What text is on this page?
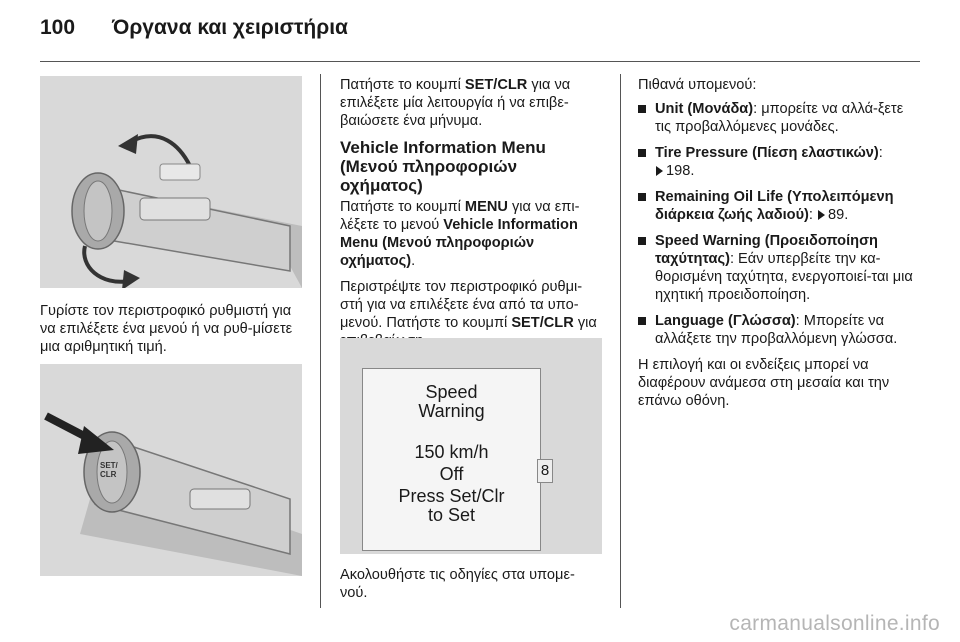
100 Όργανα και χειριστήρια

Γυρίστε τον περιστροφικό ρυθμιστή για να επιλέξετε ένα μενού ή να ρυθ-μίσετε μια αριθμητική τιμή.

SET/ CLR

Πατήστε το κουμπί SET/CLR για να επιλέξετε μία λειτουργία ή να επιβε-βαιώσετε ένα μήνυμα.

Vehicle Information Menu (Μενού πληροφοριών οχήματος)

Πατήστε το κουμπί MENU για να επι-λέξετε το μενού Vehicle Information Menu (Μενού πληροφοριών οχήματος).

Περιστρέψτε τον περιστροφικό ρυθμι-στή για να επιλέξετε ένα από τα υπο-μενού. Πατήστε το κουμπί SET/CLR για

Speed
Warning
150 km/h
Off
Press Set/Clr
to Set
8

Ακολουθήστε τις οδηγίες στα υπομε-νού.

Πιθανά υπομενού:

Unit (Μονάδα): μπορείτε να αλλά-ξετε τις προβαλλόμενες μονάδες.
Tire Pressure (Πίεση ελαστικών):
198.
Remaining Oil Life (Υπολειπόμενη διάρκεια ζωής λαδιού): 89.
Speed Warning (Προειδοποίηση ταχύτητας): Εάν υπερβείτε την κα-θορισμένη ταχύτητα, ενεργοποιεί-ται μια ηχητική προειδοποίηση.
Language (Γλώσσα): Μπορείτε να αλλάξετε την προβαλλόμενη γλώσσα.

Η επιλογή και οι ενδείξεις μπορεί να διαφέρουν ανάμεσα στη μεσαία και την επάνω οθόνη.

carmanualsonline.info
